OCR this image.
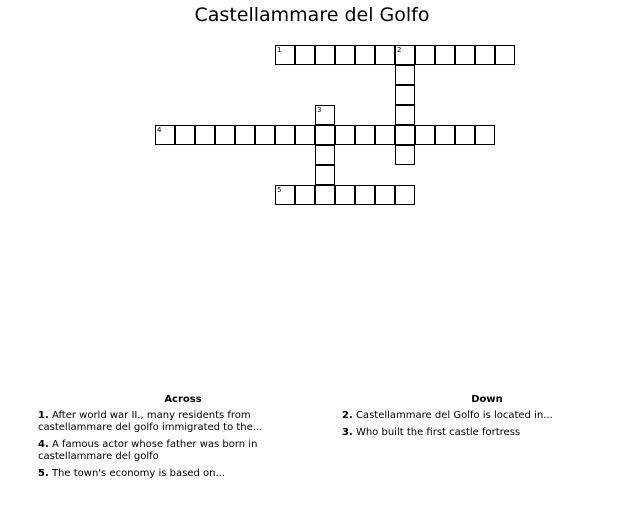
Castellammare del Golfo
1	2
3
4
5
Across
1. After world war II., many residents from castellammare del golfo immigrated to the...
4. A famous actor whose father was born in castellammare del golfo
5. The town's economy is based on...
Down
2. Castellammare del Golfo is located in...
3. Who built the first castle fortress
